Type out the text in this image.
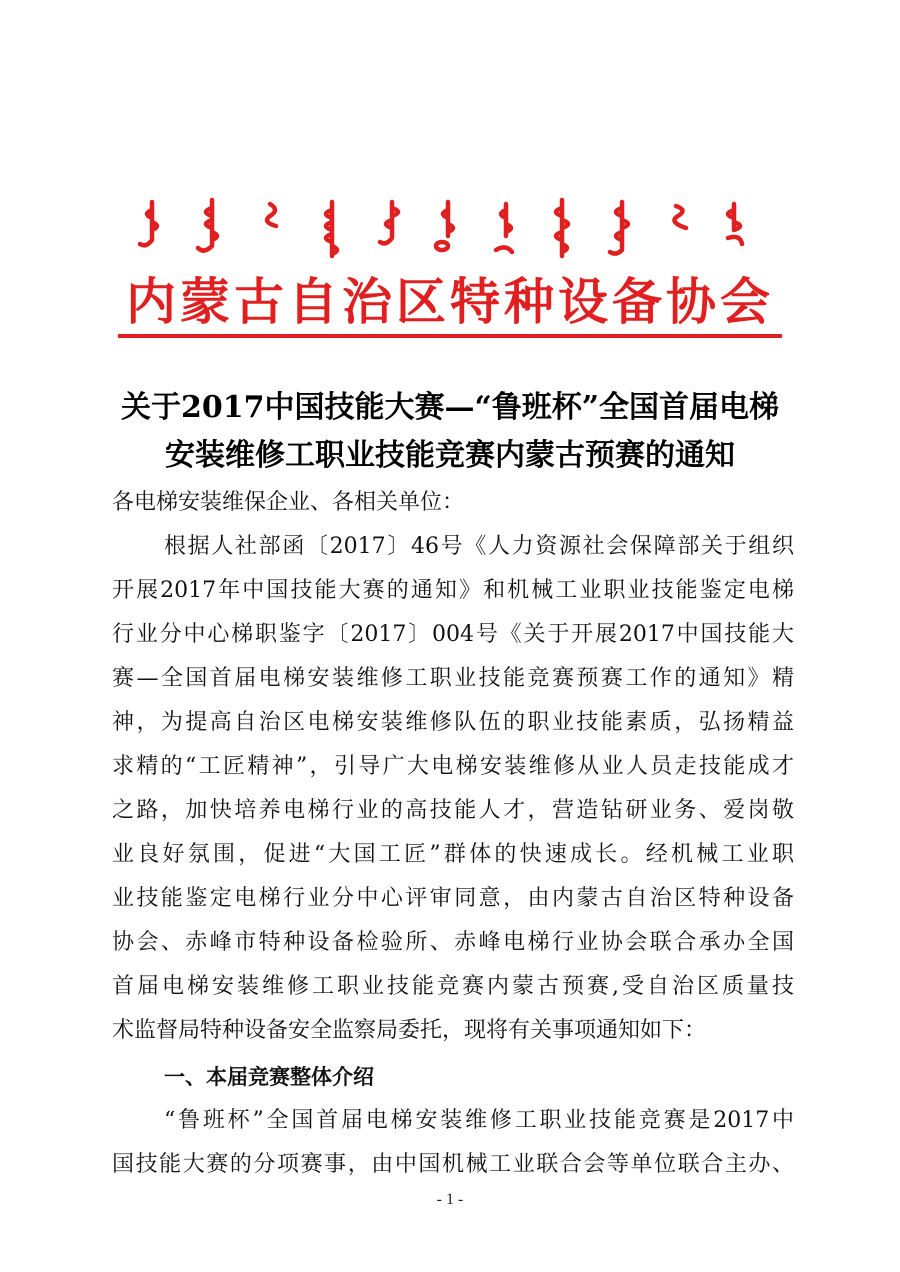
内蒙古自治区特种设备协会
关于2017中国技能大赛—“鲁班杯”全国首届电梯
安装维修工职业技能竞赛内蒙古预赛的通知
各电梯安装维保企业、各相关单位：
根据人社部函〔2017〕46号《人力资源社会保障部关于组织
开展2017年中国技能大赛的通知》和机械工业职业技能鉴定电梯
行业分中心梯职鉴字〔2017〕004号《关于开展2017中国技能大
赛—全国首届电梯安装维修工职业技能竞赛预赛工作的通知》精
神，为提高自治区电梯安装维修队伍的职业技能素质，弘扬精益
求精的“工匠精神”，引导广大电梯安装维修从业人员走技能成才
之路，加快培养电梯行业的高技能人才，营造钻研业务、爱岗敬
业良好氛围，促进“大国工匠”群体的快速成长。经机械工业职
业技能鉴定电梯行业分中心评审同意，由内蒙古自治区特种设备
协会、赤峰市特种设备检验所、赤峰电梯行业协会联合承办全国
首届电梯安装维修工职业技能竞赛内蒙古预赛,受自治区质量技
术监督局特种设备安全监察局委托，现将有关事项通知如下：
一、本届竞赛整体介绍
“鲁班杯”全国首届电梯安装维修工职业技能竞赛是2017中
国技能大赛的分项赛事，由中国机械工业联合会等单位联合主办、
- 1 -
